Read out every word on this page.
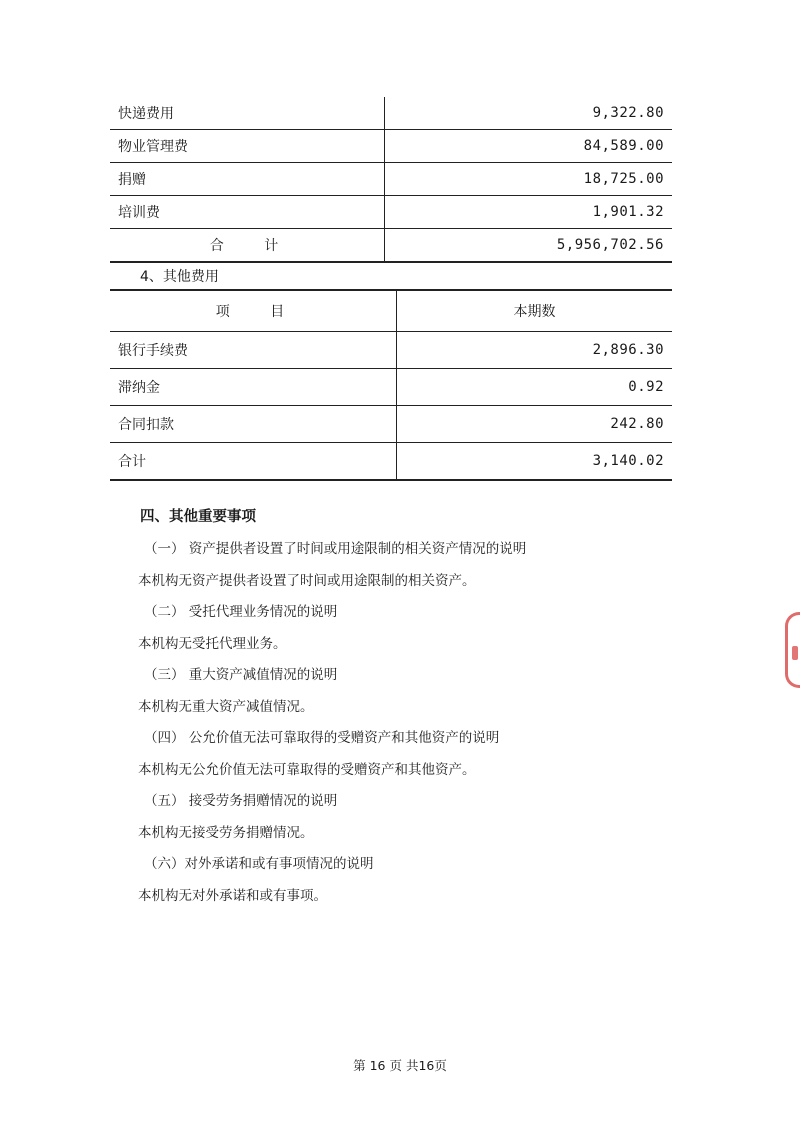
快递费用	9,322.80
物业管理费	84,589.00
捐赠	18,725.00
培训费	1,901.32
合 计	5,956,702.56
4、其他费用
项 目	本期数
银行手续费	2,896.30
滞纳金	0.92
合同扣款	242.80
合计	3,140.02
四、其他重要事项
（一） 资产提供者设置了时间或用途限制的相关资产情况的说明
本机构无资产提供者设置了时间或用途限制的相关资产。
（二） 受托代理业务情况的说明
本机构无受托代理业务。
（三） 重大资产减值情况的说明
本机构无重大资产减值情况。
（四） 公允价值无法可靠取得的受赠资产和其他资产的说明
本机构无公允价值无法可靠取得的受赠资产和其他资产。
（五） 接受劳务捐赠情况的说明
本机构无接受劳务捐赠情况。
（六）对外承诺和或有事项情况的说明
本机构无对外承诺和或有事项。
第 16 页 共16页
